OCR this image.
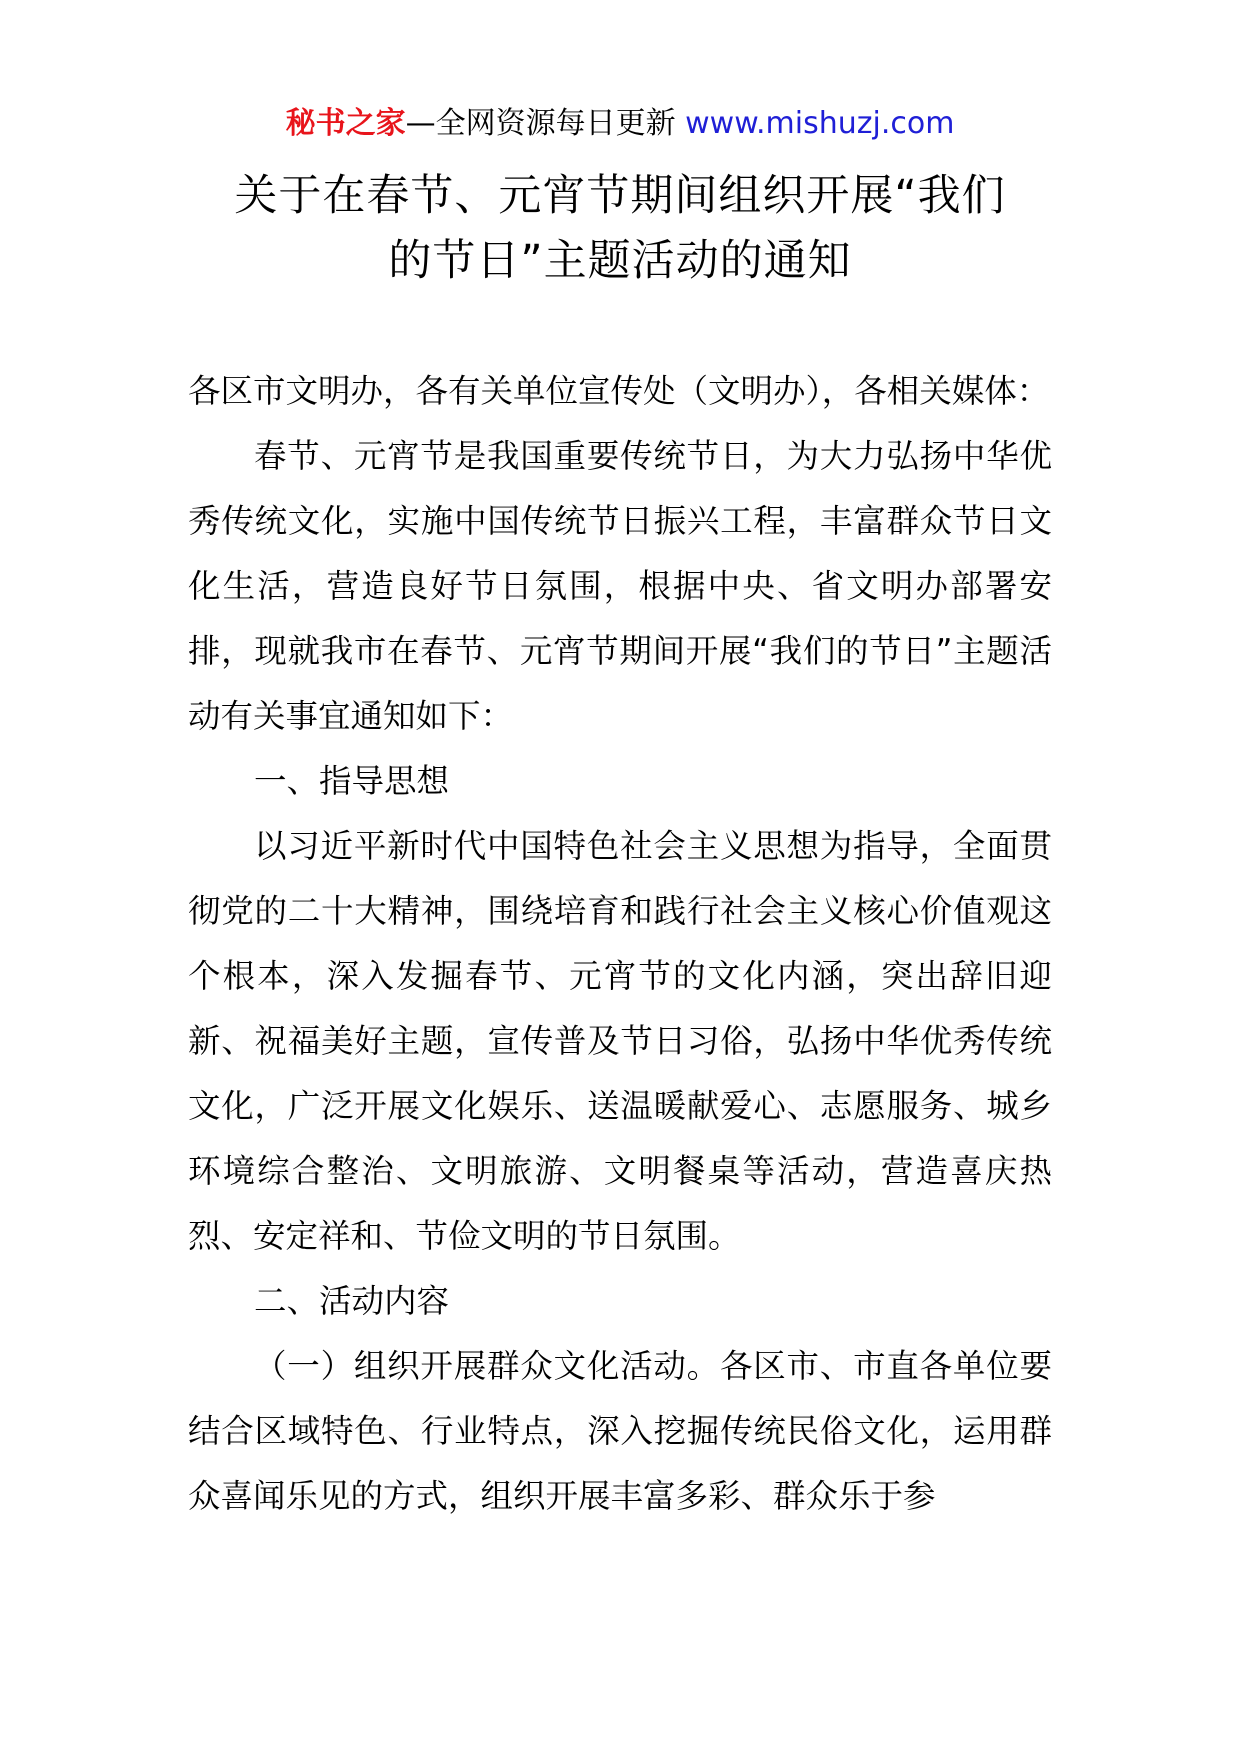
秘书之家—全网资源每日更新 www.mishuzj.com
关于在春节、元宵节期间组织开展“我们
的节日”主题活动的通知

各区市文明办，各有关单位宣传处（文明办），各相关媒体：

春节、元宵节是我国重要传统节日，为大力弘扬中华优秀传统文化，实施中国传统节日振兴工程，丰富群众节日文化生活，营造良好节日氛围，根据中央、省文明办部署安排，现就我市在春节、元宵节期间开展“我们的节日”主题活动有关事宜通知如下：

一、指导思想

以习近平新时代中国特色社会主义思想为指导，全面贯彻党的二十大精神，围绕培育和践行社会主义核心价值观这个根本，深入发掘春节、元宵节的文化内涵，突出辞旧迎新、祝福美好主题，宣传普及节日习俗，弘扬中华优秀传统文化，广泛开展文化娱乐、送温暖献爱心、志愿服务、城乡环境综合整治、文明旅游、文明餐桌等活动，营造喜庆热烈、安定祥和、节俭文明的节日氛围。

二、活动内容

（一）组织开展群众文化活动。各区市、市直各单位要结合区域特色、行业特点，深入挖掘传统民俗文化，运用群众喜闻乐见的方式，组织开展丰富多彩、群众乐于参
